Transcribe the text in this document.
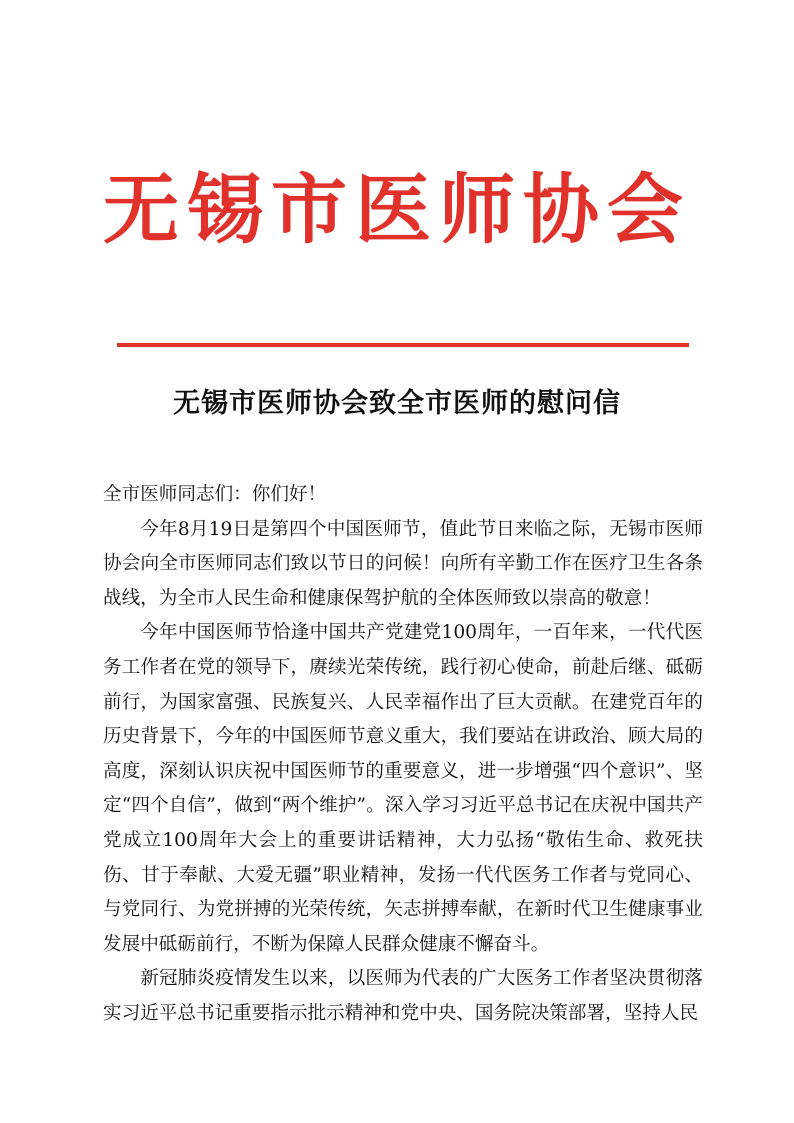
无锡市医师协会
无锡市医师协会致全市医师的慰问信

全市医师同志们：你们好！

今年8月19日是第四个中国医师节，值此节日来临之际，无锡市医师协会向全市医师同志们致以节日的问候！向所有辛勤工作在医疗卫生各条战线，为全市人民生命和健康保驾护航的全体医师致以崇高的敬意！

今年中国医师节恰逢中国共产党建党100周年，一百年来，一代代医务工作者在党的领导下，赓续光荣传统，践行初心使命，前赴后继、砥砺前行，为国家富强、民族复兴、人民幸福作出了巨大贡献。在建党百年的历史背景下，今年的中国医师节意义重大，我们要站在讲政治、顾大局的高度，深刻认识庆祝中国医师节的重要意义，进一步增强“四个意识”、坚定“四个自信”，做到“两个维护”。深入学习习近平总书记在庆祝中国共产党成立100周年大会上的重要讲话精神，大力弘扬“敬佑生命、救死扶伤、甘于奉献、大爱无疆”职业精神，发扬一代代医务工作者与党同心、与党同行、为党拼搏的光荣传统，矢志拼搏奉献，在新时代卫生健康事业发展中砥砺前行，不断为保障人民群众健康不懈奋斗。

新冠肺炎疫情发生以来，以医师为代表的广大医务工作者坚决贯彻落实习近平总书记重要指示批示精神和党中央、国务院决策部署，坚持人民
